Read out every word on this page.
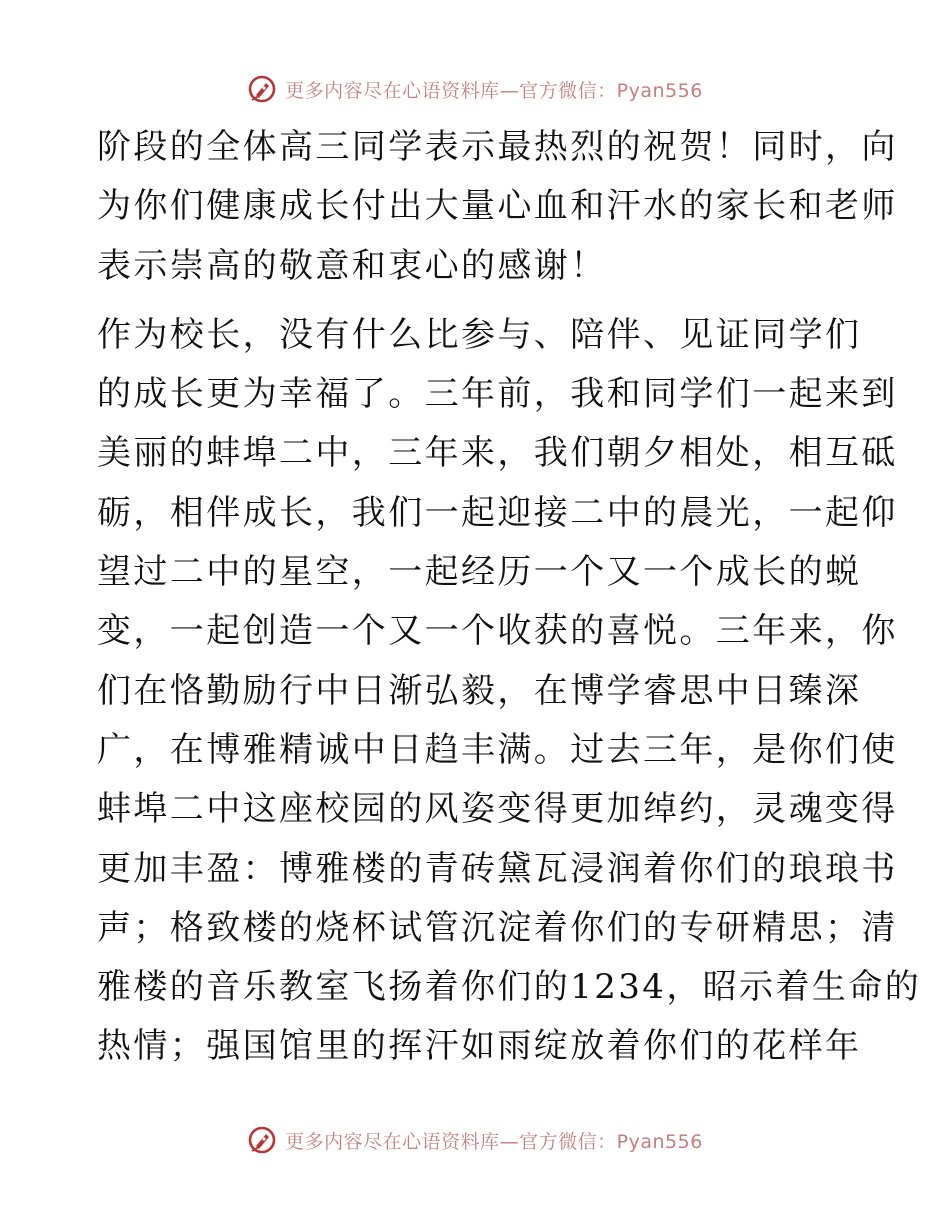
更多内容尽在心语资料库—官方微信：Pyan556
阶段的全体高三同学表示最热烈的祝贺！同时，向
为你们健康成长付出大量心血和汗水的家长和老师
表示崇高的敬意和衷心的感谢！
作为校长，没有什么比参与、陪伴、见证同学们
的成长更为幸福了。三年前，我和同学们一起来到
美丽的蚌埠二中，三年来，我们朝夕相处，相互砥
砺，相伴成长，我们一起迎接二中的晨光，一起仰
望过二中的星空，一起经历一个又一个成长的蜕
变，一起创造一个又一个收获的喜悦。三年来，你
们在恪勤励行中日渐弘毅，在博学睿思中日臻深
广，在博雅精诚中日趋丰满。过去三年，是你们使
蚌埠二中这座校园的风姿变得更加绰约，灵魂变得
更加丰盈：博雅楼的青砖黛瓦浸润着你们的琅琅书
声；格致楼的烧杯试管沉淀着你们的专研精思；清
雅楼的音乐教室飞扬着你们的1234，昭示着生命的
热情；强国馆里的挥汗如雨绽放着你们的花样年
更多内容尽在心语资料库—官方微信：Pyan556
